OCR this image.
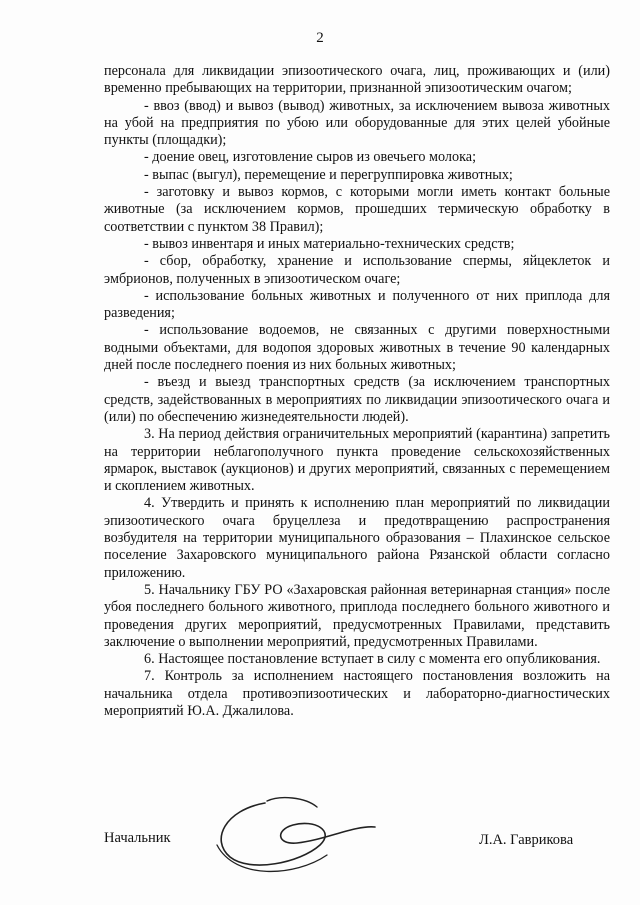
2

персонала для ликвидации эпизоотического очага, лиц, проживающих и (или) временно пребывающих на территории, признанной эпизоотическим очагом;

- ввоз (ввод) и вывоз (вывод) животных, за исключением вывоза животных на убой на предприятия по убою или оборудованные для этих целей убойные пункты (площадки);

- доение овец, изготовление сыров из овечьего молока;

- выпас (выгул), перемещение и перегруппировка животных;

- заготовку и вывоз кормов, с которыми могли иметь контакт больные животные (за исключением кормов, прошедших термическую обработку в соответствии с пунктом 38 Правил);

- вывоз инвентаря и иных материально-технических средств;

- сбор, обработку, хранение и использование спермы, яйцеклеток и эмбрионов, полученных в эпизоотическом очаге;

- использование больных животных и полученного от них приплода для разведения;

- использование водоемов, не связанных с другими поверхностными водными объектами, для водопоя здоровых животных в течение 90 календарных дней после последнего поения из них больных животных;

- въезд и выезд транспортных средств (за исключением транспортных средств, задействованных в мероприятиях по ликвидации эпизоотического очага и (или) по обеспечению жизнедеятельности людей).

3. На период действия ограничительных мероприятий (карантина) запретить на территории неблагополучного пункта проведение сельскохозяйственных ярмарок, выставок (аукционов) и других мероприятий, связанных с перемещением и скоплением животных.

4. Утвердить и принять к исполнению план мероприятий по ликвидации эпизоотического очага бруцеллеза и предотвращению распространения возбудителя на территории муниципального образования – Плахинское сельское поселение Захаровского муниципального района Рязанской области согласно приложению.

5. Начальнику ГБУ РО «Захаровская районная ветеринарная станция» после убоя последнего больного животного, приплода последнего больного животного и проведения других мероприятий, предусмотренных Правилами, представить заключение о выполнении мероприятий, предусмотренных Правилами.

6. Настоящее постановление вступает в силу с момента его опубликования.

7. Контроль за исполнением настоящего постановления возложить на начальника отдела противоэпизоотических и лабораторно-диагностических мероприятий Ю.А. Джалилова.

Начальник	Л.А. Гаврикова
